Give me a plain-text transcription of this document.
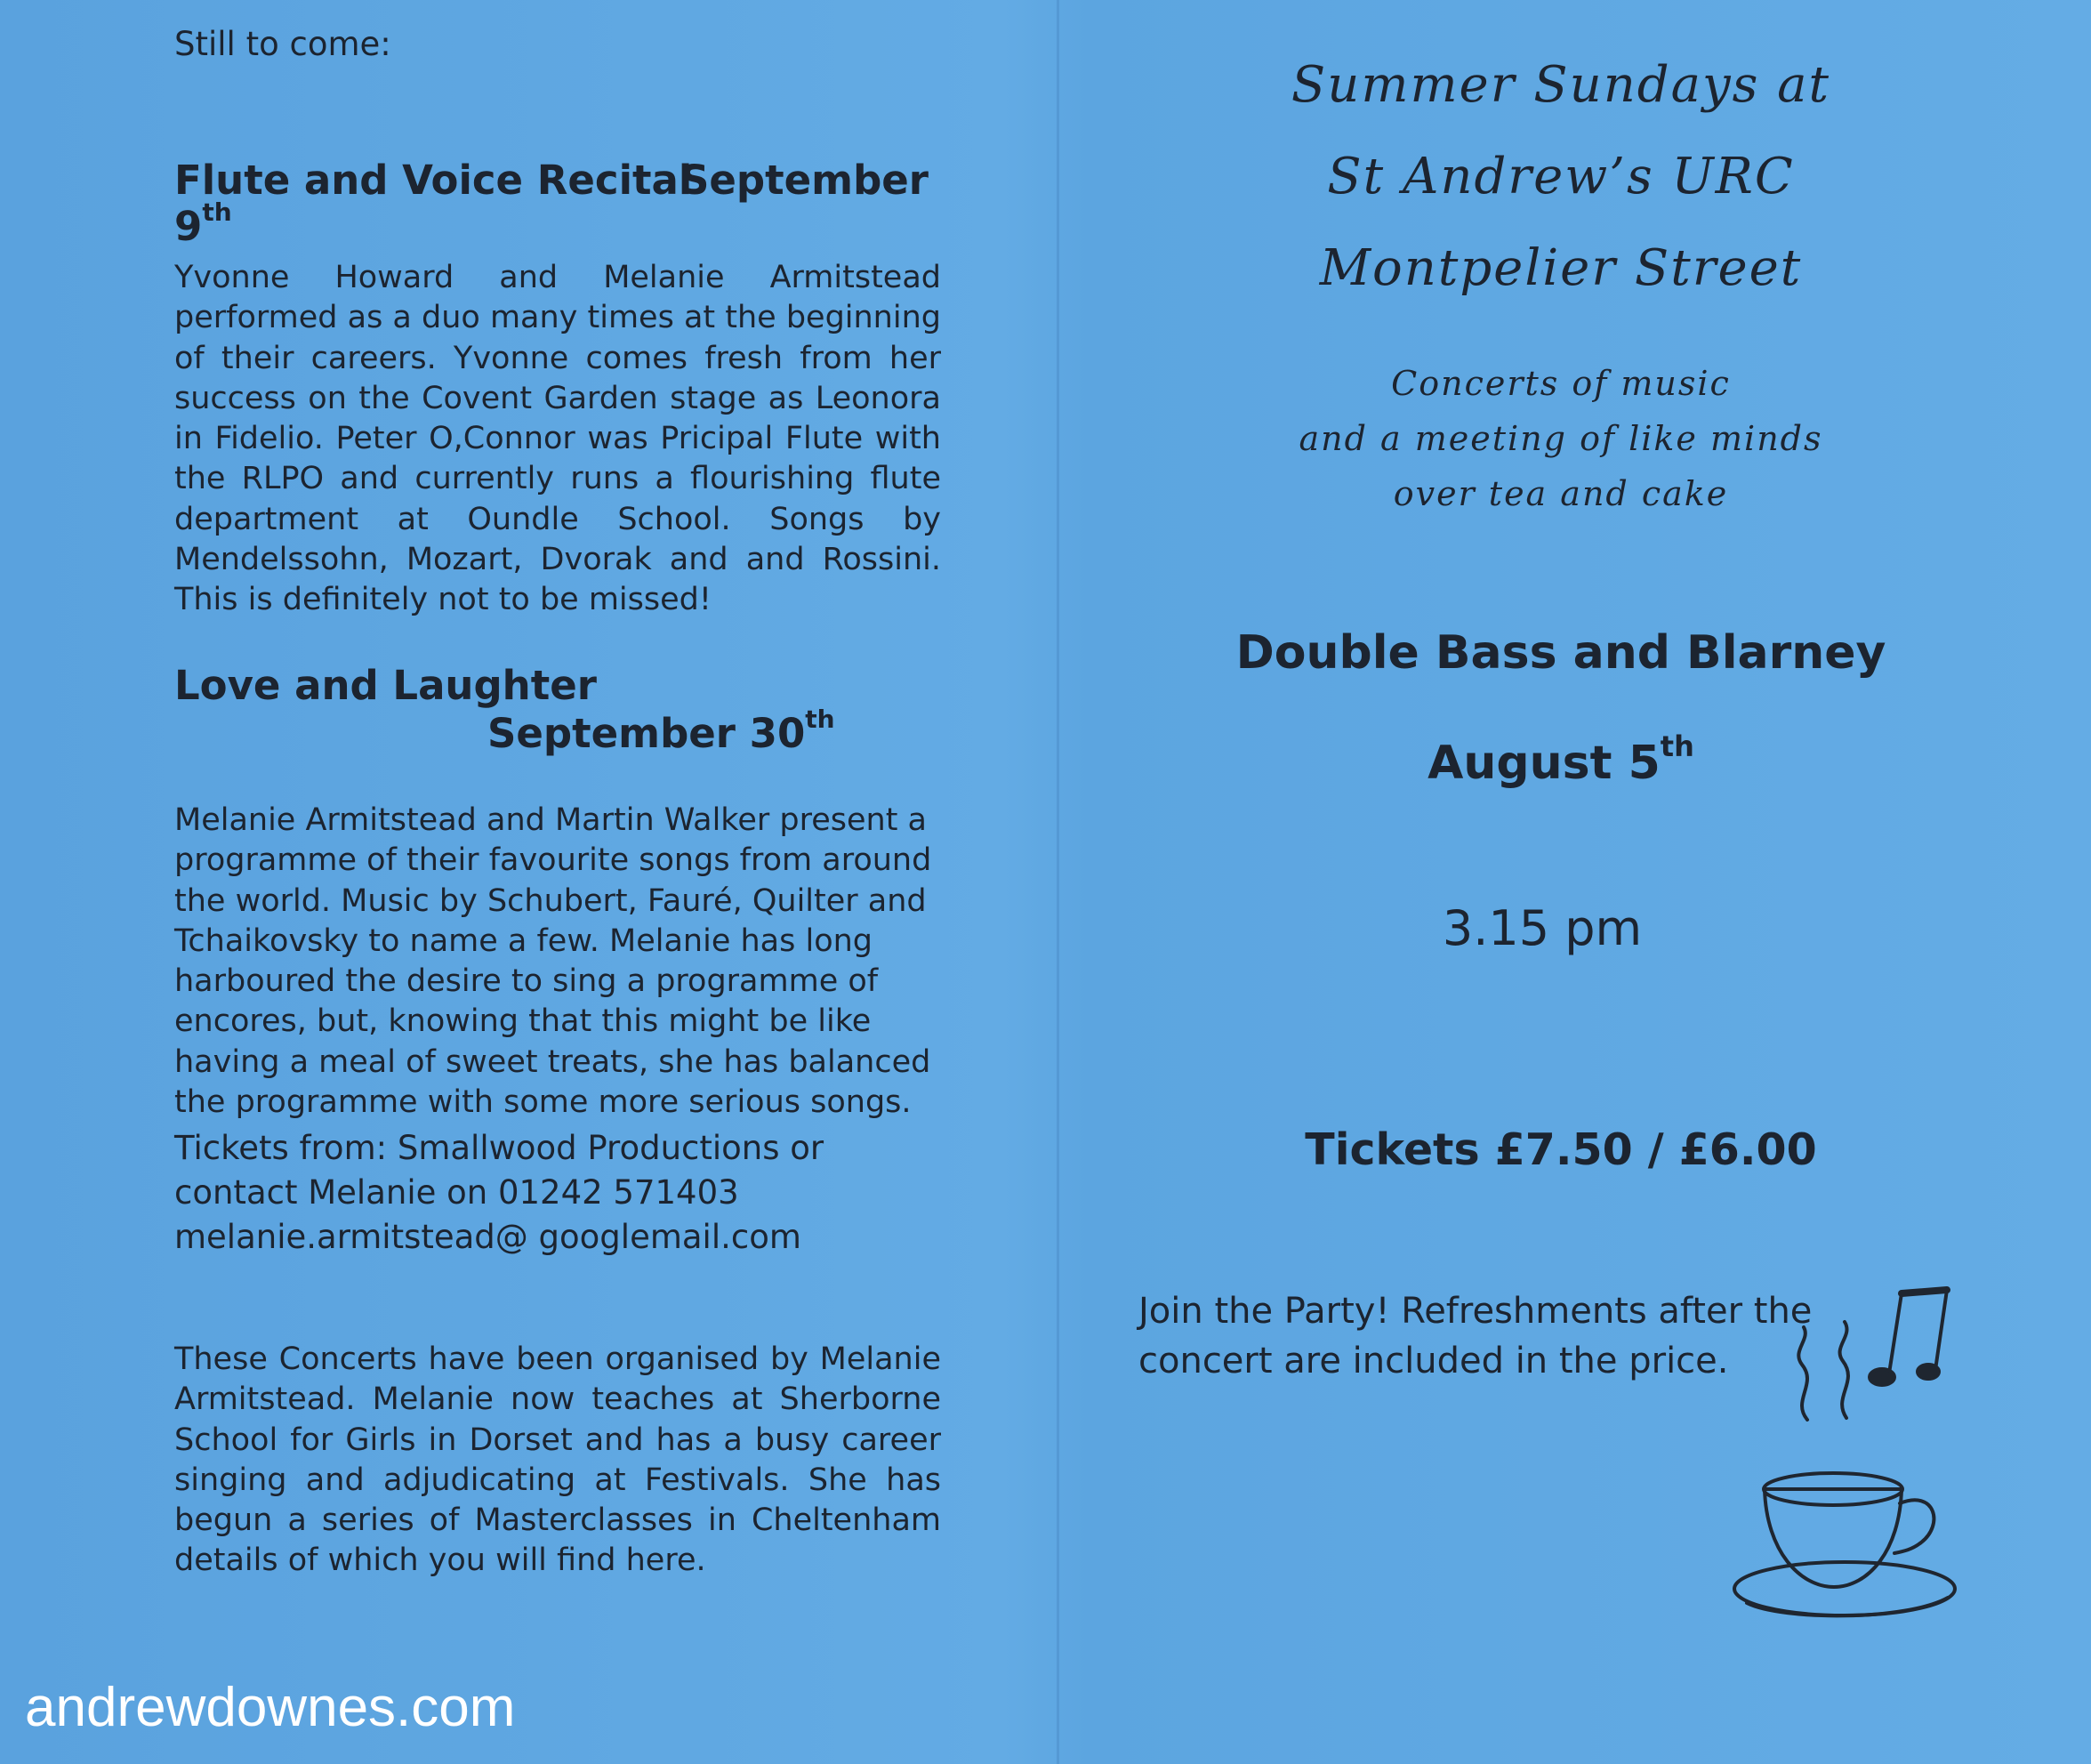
Still to come:
Flute and Voice Recital
September
9th
Yvonne Howard and Melanie Armitstead performed as a duo many times at the beginning of their careers. Yvonne comes fresh from her success on the Covent Garden stage as Leonora in Fidelio. Peter O,Connor was Pricipal Flute with the RLPO and currently runs a flourishing flute department at Oundle School. Songs by Mendelssohn, Mozart, Dvorak and and Rossini. This is definitely not to be missed!
Love and Laughter
September 30th
Melanie Armitstead and Martin Walker present a programme of their favourite songs from around the world. Music by Schubert, Fauré, Quilter and Tchaikovsky to name a few. Melanie has long harboured the desire to sing a programme of encores, but, knowing that this might be like having a meal of sweet treats, she has balanced the programme with some more serious songs.
Tickets from: Smallwood Productions or
contact Melanie on 01242 571403
melanie.armitstead@ googlemail.com
These Concerts have been organised by Melanie Armitstead. Melanie now teaches at Sherborne School for Girls in Dorset and has a busy career singing and adjudicating at Festivals. She has begun a series of Masterclasses in Cheltenham details of which you will find here.
Summer Sundays at
St Andrew’s URC
Montpelier Street
Concerts of music
and a meeting of like minds
over tea and cake
Double Bass and Blarney
August 5th
3.15 pm
Tickets £7.50 / £6.00
Join the Party! Refreshments after the
concert are included in the price.
andrewdownes.com
